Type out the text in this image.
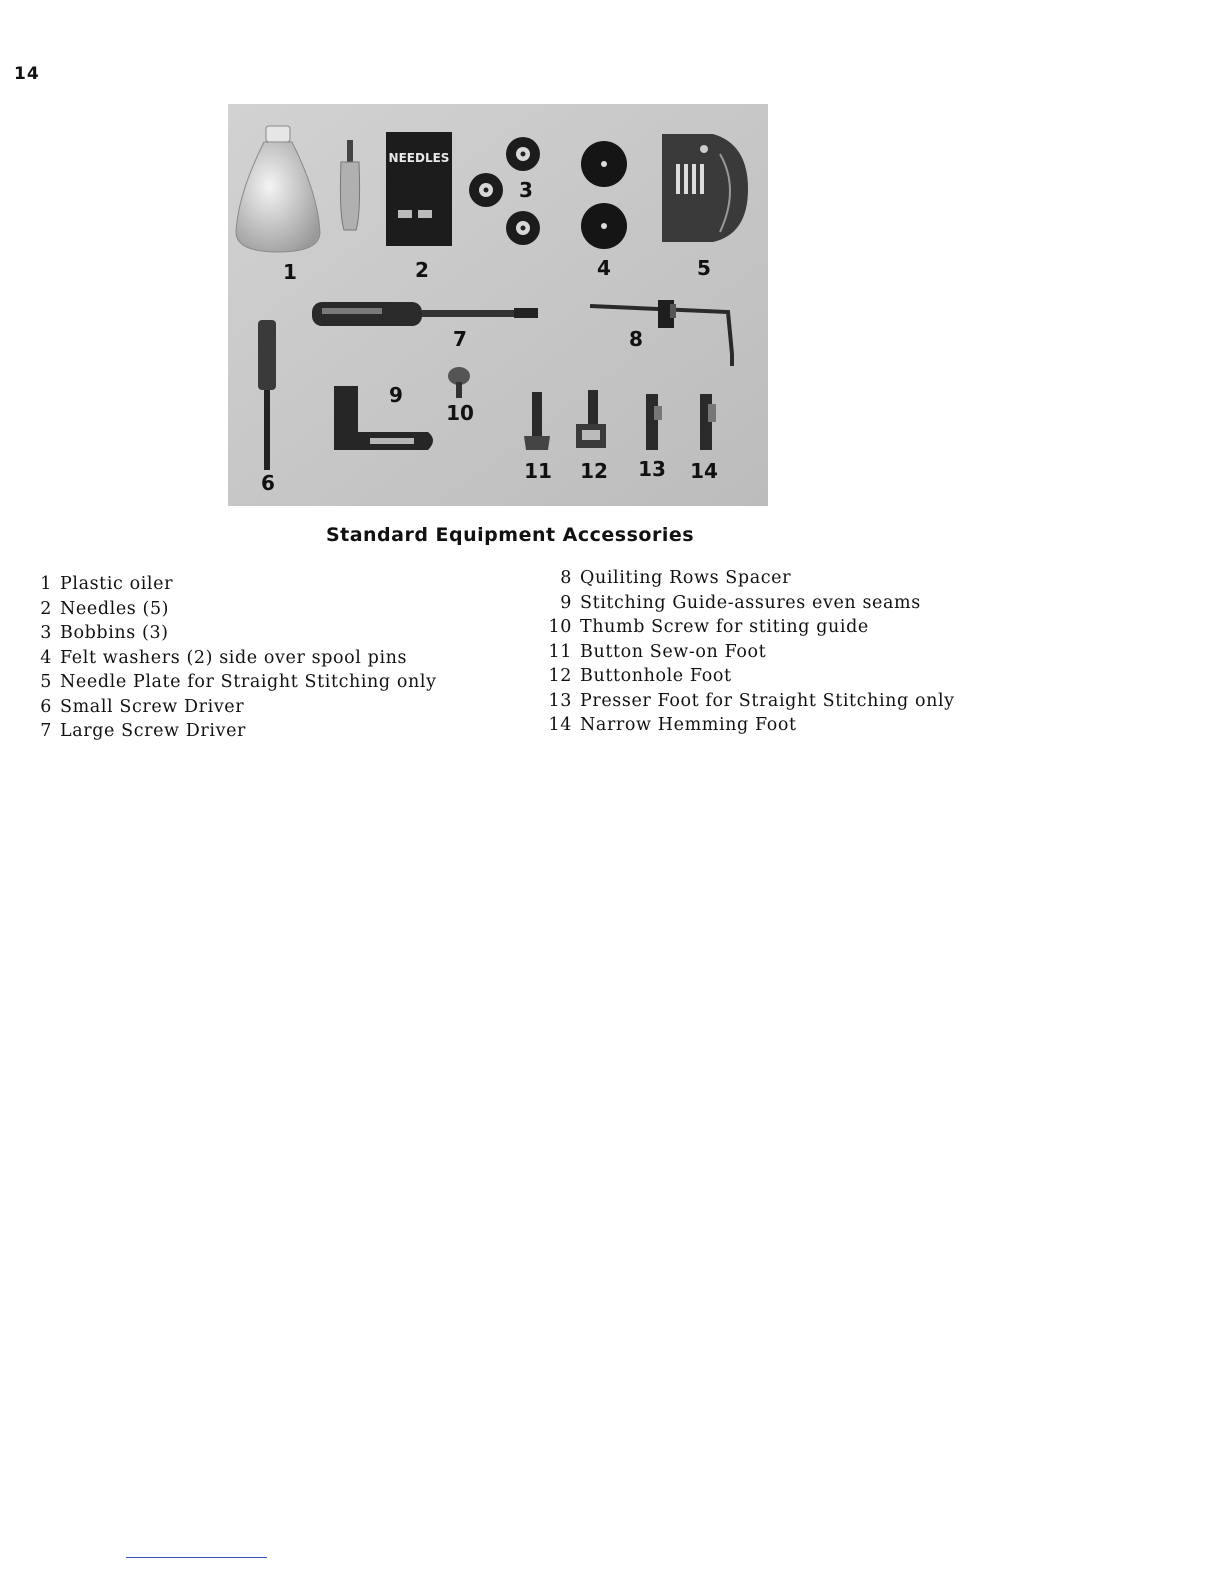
14
NEEDLES
1	2
3
4	5
6
7	8
9
10
11 12 13 14
Standard Equipment Accessories
1 Plastic oiler
2 Needles (5)
3 Bobbins (3)
4 Felt washers (2) side over spool pins
5 Needle Plate for Straight Stitching only
6 Small Screw Driver
7 Large Screw Driver
8 Quiliting Rows Spacer
9 Stitching Guide-assures even seams
10 Thumb Screw for stiting guide
11 Button Sew-on Foot
12 Buttonhole Foot
13 Presser Foot for Straight Stitching only
14 Narrow Hemming Foot
